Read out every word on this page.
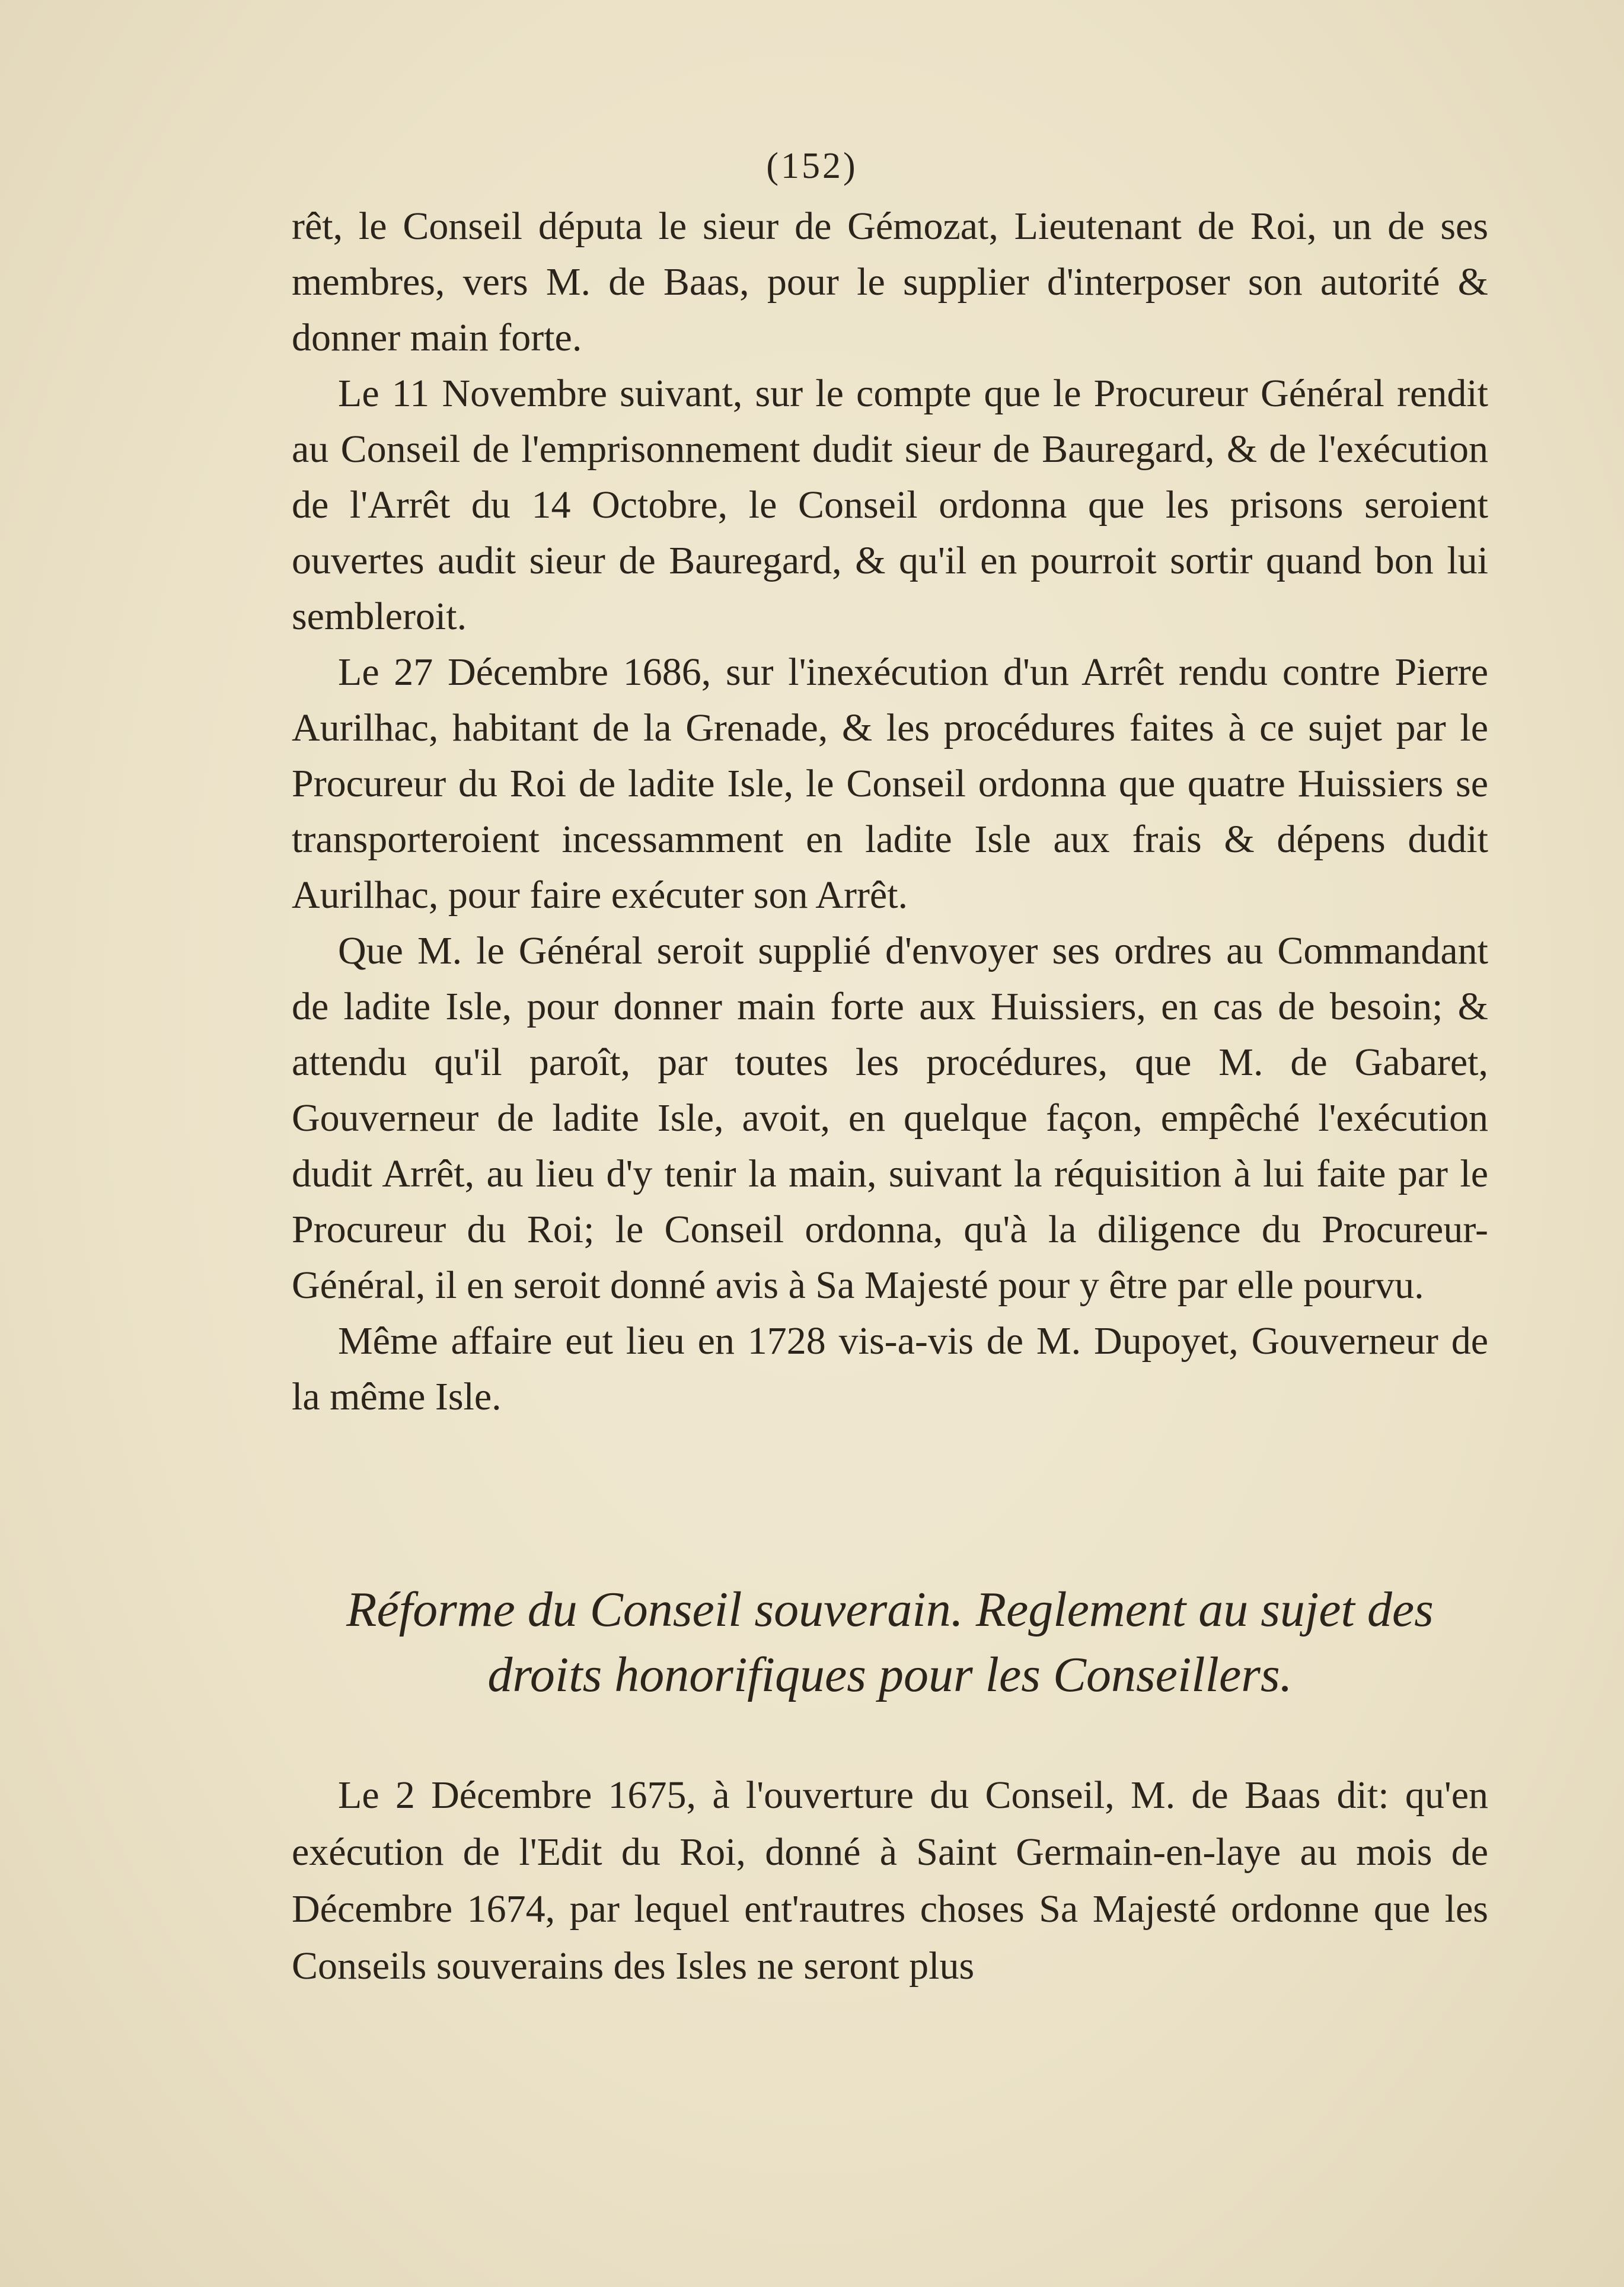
(152)

rêt, le Conseil députa le sieur de Gémozat, Lieutenant de Roi, un de ses membres, vers M. de Baas, pour le supplier d'interposer son autorité & donner main forte.

Le 11 Novembre suivant, sur le compte que le Procureur Général rendit au Conseil de l'emprisonnement dudit sieur de Bauregard, & de l'exécution de l'Arrêt du 14 Octobre, le Conseil ordonna que les prisons seroient ouvertes audit sieur de Bauregard, & qu'il en pourroit sortir quand bon lui sembleroit.

Le 27 Décembre 1686, sur l'inexécution d'un Arrêt rendu contre Pierre Aurilhac, habitant de la Grenade, & les procédures faites à ce sujet par le Procureur du Roi de ladite Isle, le Conseil ordonna que quatre Huissiers se transporteroient incessamment en ladite Isle aux frais & dépens dudit Aurilhac, pour faire exécuter son Arrêt.

Que M. le Général seroit supplié d'envoyer ses ordres au Commandant de ladite Isle, pour donner main forte aux Huissiers, en cas de besoin; & attendu qu'il paroît, par toutes les procédures, que M. de Gabaret, Gouverneur de ladite Isle, avoit, en quelque façon, empêché l'exécution dudit Arrêt, au lieu d'y tenir la main, suivant la réquisition à lui faite par le Procureur du Roi; le Conseil ordonna, qu'à la diligence du Procureur-Général, il en seroit donné avis à Sa Majesté pour y être par elle pourvu.

Même affaire eut lieu en 1728 vis-a-vis de M. Dupoyet, Gouverneur de la même Isle.

Réforme du Conseil souverain. Reglement au sujet des droits honorifiques pour les Conseillers.

Le 2 Décembre 1675, à l'ouverture du Conseil, M. de Baas dit: qu'en exécution de l'Edit du Roi, donné à Saint Germain-en-laye au mois de Décembre 1674, par lequel ent'rautres choses Sa Majesté ordonne que les Conseils souverains des Isles ne seront plus
